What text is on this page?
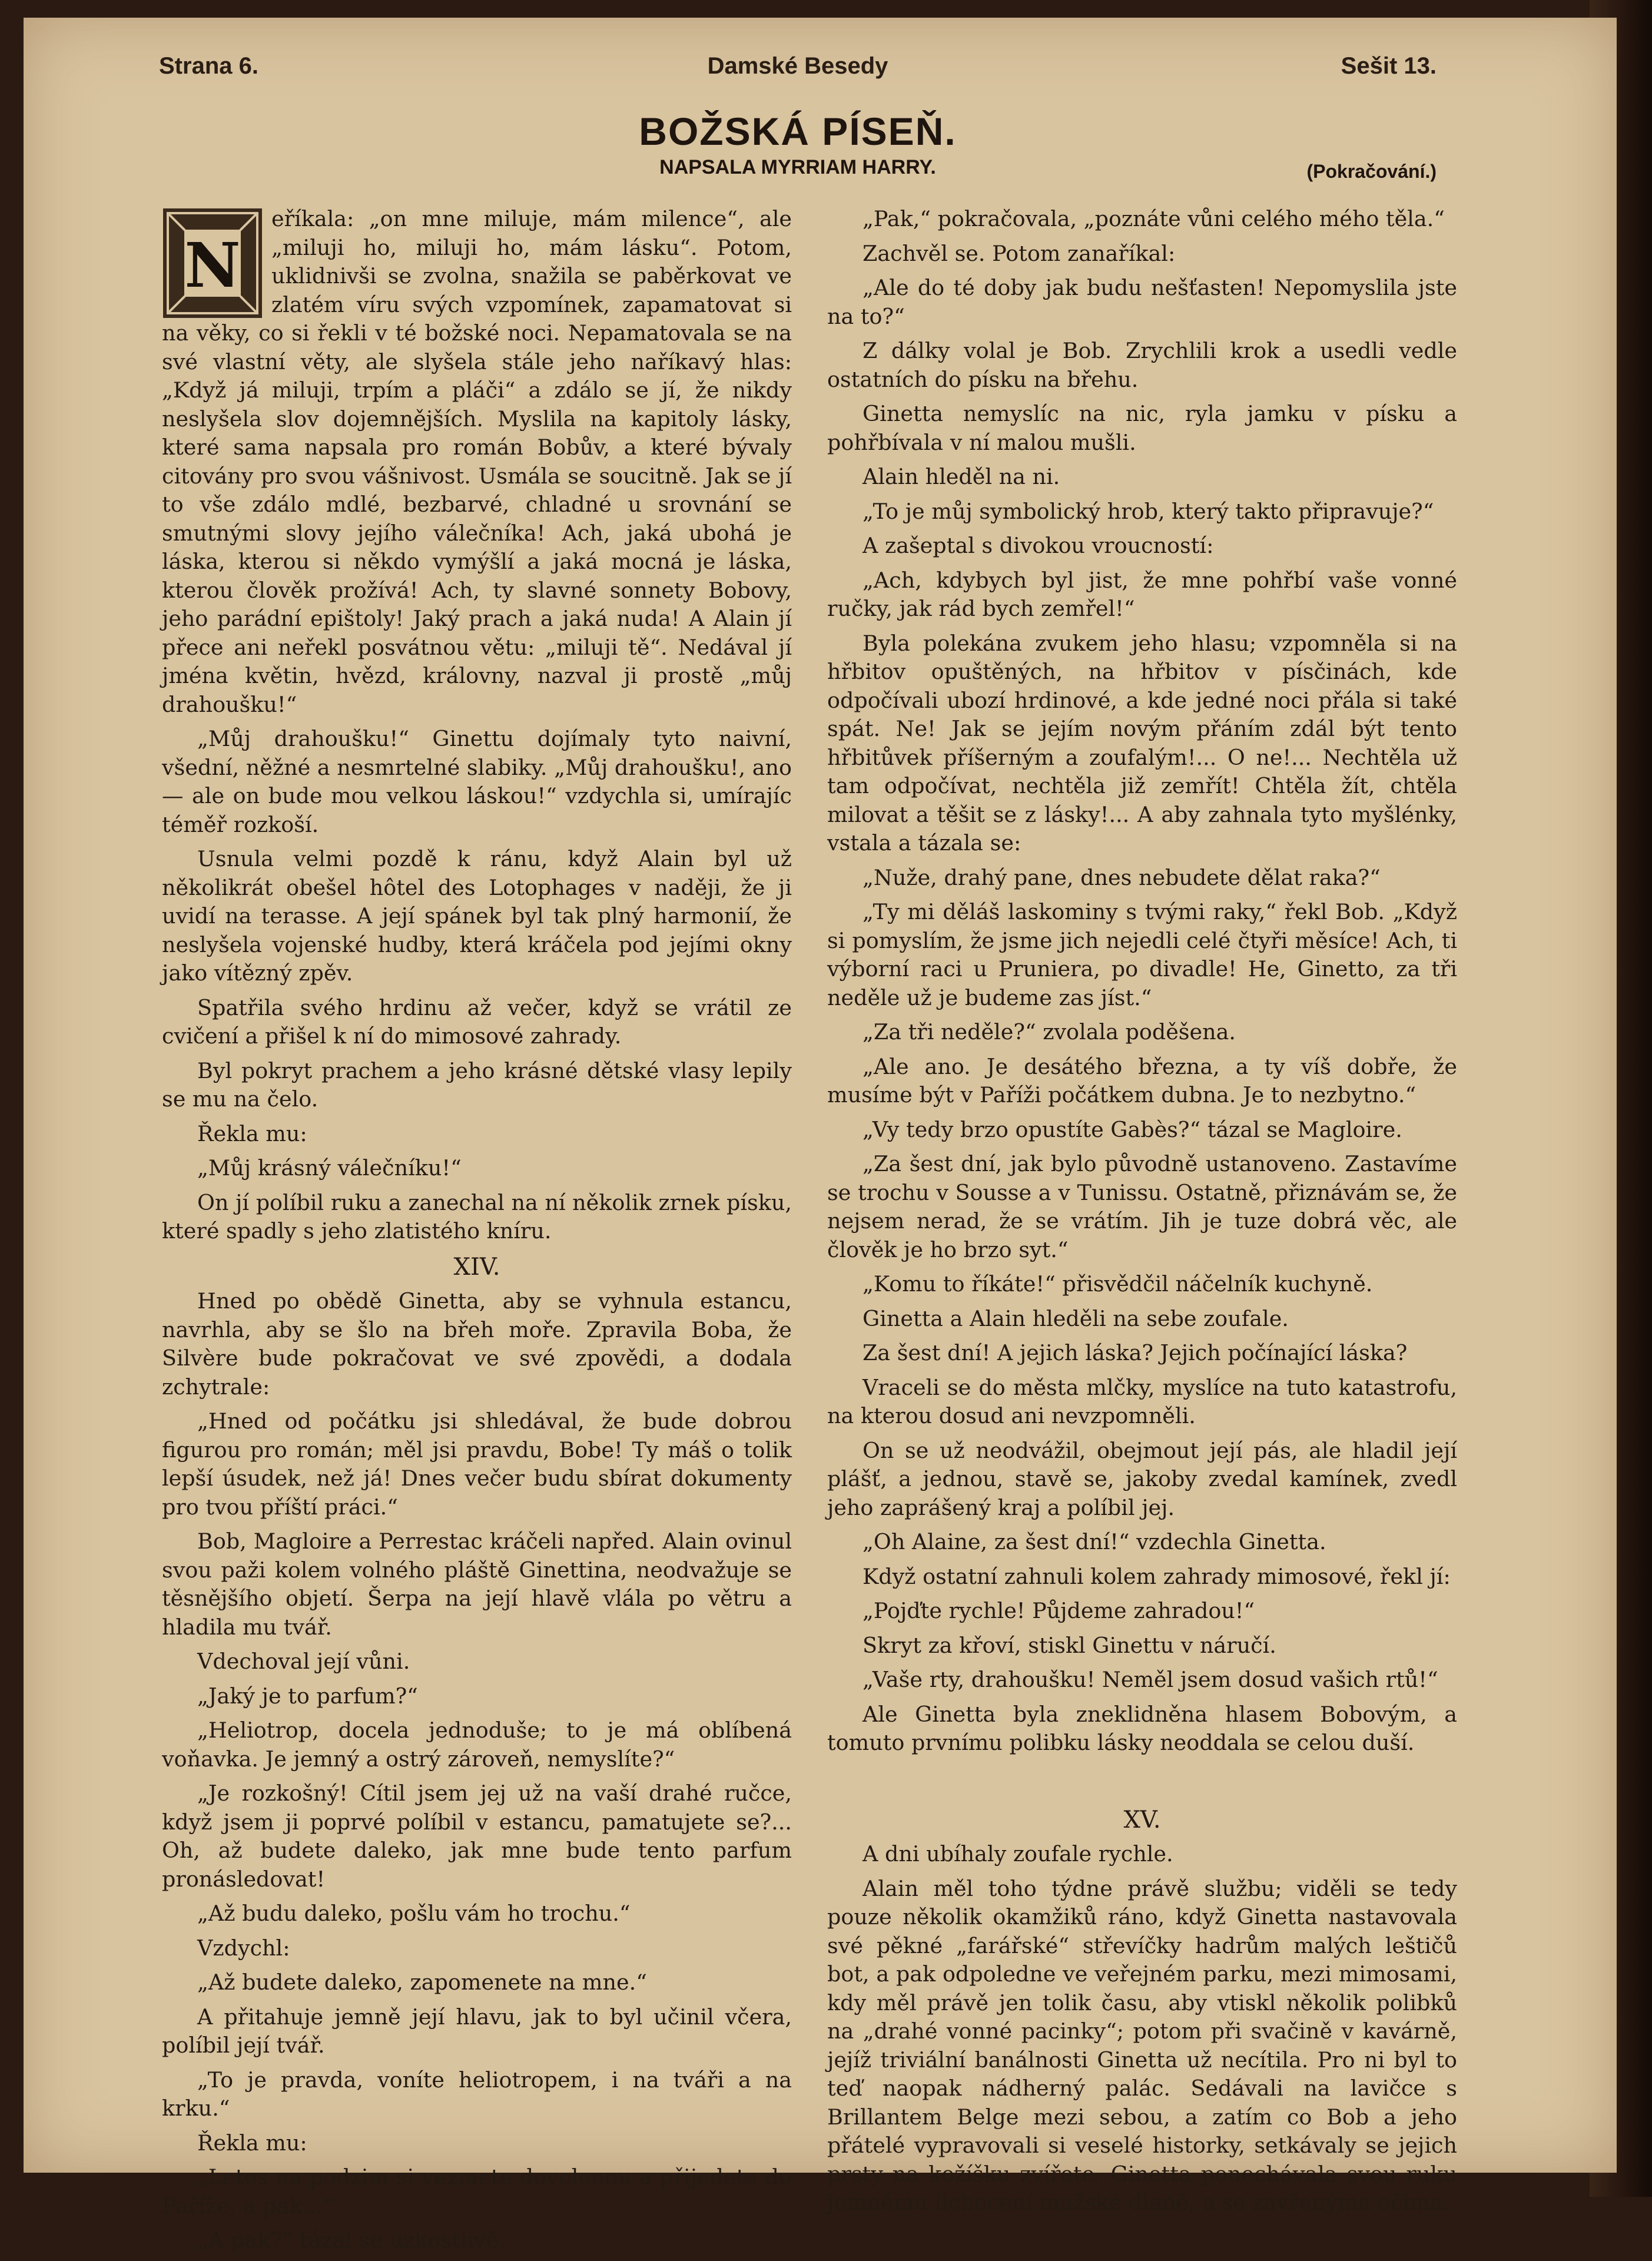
Strana 6.	Damské Besedy	Sešit 13.
BOŽSKÁ PÍSEŇ.
NAPSALA MYRRIAM HARRY.	(Pokračování.)
N

eříkala: „on mne miluje, mám milence“, ale „miluji ho, miluji ho, mám lásku“. Potom, uklidnivši se zvolna, snažila se paběrkovat ve zlatém víru svých vzpomínek, zapamatovat si na věky, co si řekli v té božské noci. Nepamatovala se na své vlastní věty, ale slyšela stále jeho naříkavý hlas: „Když já miluji, trpím a pláči“ a zdálo se jí, že nikdy neslyšela slov dojemnějších. Myslila na kapitoly lásky, které sama napsala pro román Bobův, a které bývaly citovány pro svou vášnivost. Usmála se soucitně. Jak se jí to vše zdálo mdlé, bezbarvé, chladné u srovnání se smutnými slovy jejího válečníka! Ach, jaká ubohá je láska, kterou si někdo vymýšlí a jaká mocná je láska, kterou člověk prožívá! Ach, ty slavné sonnety Bobovy, jeho parádní epištoly! Jaký prach a jaká nuda! A Alain jí přece ani neřekl posvátnou větu: „miluji tě“. Nedával jí jména květin, hvězd, královny, nazval ji prostě „můj drahoušku!“

„Můj drahoušku!“ Ginettu dojímaly tyto naivní, všední, něžné a nesmrtelné slabiky. „Můj drahoušku!, ano— ale on bude mou velkou láskou!“ vzdychla si, umírajíc téměř rozkoší.

Usnula velmi pozdě k ránu, když Alain byl už několikrát obešel hôtel des Lotophages v naději, že ji uvidí na terasse. A její spánek byl tak plný harmonií, že neslyšela vojenské hudby, která kráčela pod jejími okny jako vítězný zpěv.

Spatřila svého hrdinu až večer, když se vrátil ze cvičení a přišel k ní do mimosové zahrady.

Byl pokryt prachem a jeho krásné dětské vlasy lepily se mu na čelo.

Řekla mu:

„Můj krásný válečníku!“

On jí políbil ruku a zanechal na ní několik zrnek písku, které spadly s jeho zlatistého kníru.

XIV.

Hned po obědě Ginetta, aby se vyhnula estancu, navrhla, aby se šlo na břeh moře. Zpravila Boba, že Silvère bude pokračovat ve své zpovědi, a dodala zchytrale:

„Hned od počátku jsi shledával, že bude dobrou figurou pro román; měl jsi pravdu, Bobe! Ty máš o tolik lepší úsudek, než já! Dnes večer budu sbírat dokumenty pro tvou příští práci.“

Bob, Magloire a Perrestac kráčeli napřed. Alain ovinul svou paži kolem volného pláště Ginettina, neodvažuje se těsnějšího objetí. Šerpa na její hlavě vlála po větru a hladila mu tvář.

Vdechoval její vůni.

„Jaký je to parfum?“

„Heliotrop, docela jednoduše; to je má oblíbená voňavka. Je jemný a ostrý zároveň, nemyslíte?“

„Je rozkošný! Cítil jsem jej už na vaší drahé ručce, když jsem ji poprvé políbil v estancu, pamatujete se?... Oh, až budete daleko, jak mne bude tento parfum pronásledovat!

„Až budu daleko, pošlu vám ho trochu.“

Vzdychl:

„Až budete daleko, zapomenete na mne.“

A přitahuje jemně její hlavu, jak to byl učinil včera, políbil její tvář.

„To je pravda, voníte heliotropem, i na tváři a na krku.“

Řekla mu:

„Letos na podzim si vezmete dovolenou a přijedete do Paříže, a pak...“

„A pak?“ tázal se úzkostlivě.

„Pak,“ pokračovala, „poznáte vůni celého mého těla.“

Zachvěl se. Potom zanaříkal:

„Ale do té doby jak budu nešťasten! Nepomyslila jste na to?“

Z dálky volal je Bob. Zrychlili krok a usedli vedle ostatních do písku na břehu.

Ginetta nemyslíc na nic, ryla jamku v písku a pohřbívala v ní malou mušli.

Alain hleděl na ni.

„To je můj symbolický hrob, který takto připravuje?“

A zašeptal s divokou vroucností:

„Ach, kdybych byl jist, že mne pohřbí vaše vonné ručky, jak rád bych zemřel!“

Byla polekána zvukem jeho hlasu; vzpomněla si na hřbitov opuštěných, na hřbitov v písčinách, kde odpočívali ubozí hrdinové, a kde jedné noci přála si také spát. Ne! Jak se jejím novým přáním zdál být tento hřbitůvek příšerným a zoufalým!... O ne!... Nechtěla už tam odpočívat, nechtěla již zemřít! Chtěla žít, chtěla milovat a těšit se z lásky!... A aby zahnala tyto myšlénky, vstala a tázala se:

„Nuže, drahý pane, dnes nebudete dělat raka?“

„Ty mi děláš laskominy s tvými raky,“ řekl Bob. „Když si pomyslím, že jsme jich nejedli celé čtyři měsíce! Ach, ti výborní raci u Pruniera, po divadle! He, Ginetto, za tři neděle už je budeme zas jíst.“

„Za tři neděle?“ zvolala poděšena.

„Ale ano. Je desátého března, a ty víš dobře, že musíme být v Paříži počátkem dubna. Je to nezbytno.“

„Vy tedy brzo opustíte Gabès?“ tázal se Magloire.

„Za šest dní, jak bylo původně ustanoveno. Zastavíme se trochu v Sousse a v Tunissu. Ostatně, přiznávám se, že nejsem nerad, že se vrátím. Jih je tuze dobrá věc, ale člověk je ho brzo syt.“

„Komu to říkáte!“ přisvědčil náčelník kuchyně.

Ginetta a Alain hleděli na sebe zoufale.

Za šest dní! A jejich láska? Jejich počínající láska?

Vraceli se do města mlčky, myslíce na tuto katastrofu, na kterou dosud ani nevzpomněli.

On se už neodvážil, obejmout její pás, ale hladil její plášť, a jednou, stavě se, jakoby zvedal kamínek, zvedl jeho zaprášený kraj a políbil jej.

„Oh Alaine, za šest dní!“ vzdechla Ginetta.

Když ostatní zahnuli kolem zahrady mimosové, řekl jí:

„Pojďte rychle! Půjdeme zahradou!“

Skryt za křoví, stiskl Ginettu v náručí.

„Vaše rty, drahoušku! Neměl jsem dosud vašich rtů!“

Ale Ginetta byla zneklidněna hlasem Bobovým, a tomuto prvnímu polibku lásky neoddala se celou duší.

XV.

A dni ubíhaly zoufale rychle.

Alain měl toho týdne právě službu; viděli se tedy pouze několik okamžiků ráno, když Ginetta nastavovala své pěkné „farářské“ střevíčky hadrům malých leštičů bot, a pak odpoledne ve veřejném parku, mezi mimosami, kdy měl právě jen tolik času, aby vtiskl několik polibků na „drahé vonné pacinky“; potom při svačině v kavárně, jejíž triviální banálnosti Ginetta už necítila. Pro ni byl to teď naopak nádherný palác. Sedávali na lavičce s Brillantem Belge mezi sebou, a zatím co Bob a jeho přátelé vypravovali si veselé historky, setkávaly se jejich prsty na kožíšku zvířete. Ginetta ponechávala svou ruku jemnému lichocení mužské dlaně, a se zavřenýma očima.
